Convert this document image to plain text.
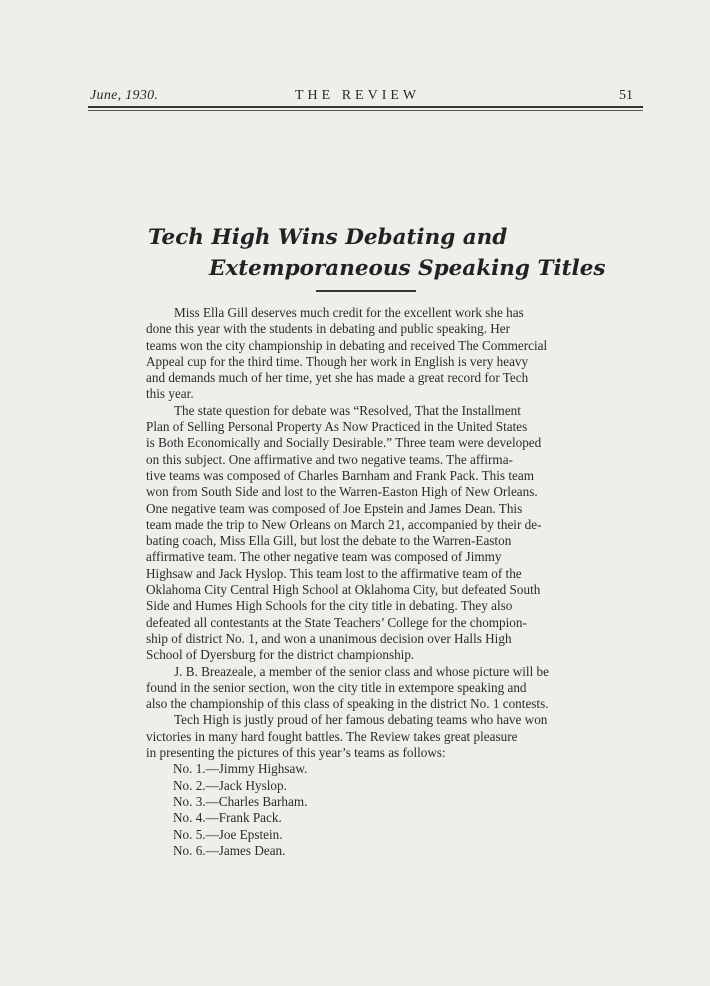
June, 1930.	THE REVIEW	51
Tech High Wins Debating and
Extemporaneous Speaking Titles

Miss Ella Gill deserves much credit for the excellent work she has
done this year with the students in debating and public speaking. Her
teams won the city championship in debating and received The Commercial
Appeal cup for the third time. Though her work in English is very heavy
and demands much of her time, yet she has made a great record for Tech
this year.

The state question for debate was “Resolved, That the Installment
Plan of Selling Personal Property As Now Practiced in the United States
is Both Economically and Socially Desirable.” Three team were developed
on this subject. One affirmative and two negative teams. The affirma-
tive teams was composed of Charles Barnham and Frank Pack. This team
won from South Side and lost to the Warren-Easton High of New Orleans.
One negative team was composed of Joe Epstein and James Dean. This
team made the trip to New Orleans on March 21, accompanied by their de-
bating coach, Miss Ella Gill, but lost the debate to the Warren-Easton
affirmative team. The other negative team was composed of Jimmy
Highsaw and Jack Hyslop. This team lost to the affirmative team of the
Oklahoma City Central High School at Oklahoma City, but defeated South
Side and Humes High Schools for the city title in debating. They also
defeated all contestants at the State Teachers’ College for the chompion-
ship of district No. 1, and won a unanimous decision over Halls High
School of Dyersburg for the district championship.

J. B. Breazeale, a member of the senior class and whose picture will be
found in the senior section, won the city title in extempore speaking and
also the championship of this class of speaking in the district No. 1 contests.

Tech High is justly proud of her famous debating teams who have won
victories in many hard fought battles. The Review takes great pleasure
in presenting the pictures of this year’s teams as follows:

No. 1.—Jimmy Highsaw.
No. 2.—Jack Hyslop.
No. 3.—Charles Barham.
No. 4.—Frank Pack.
No. 5.—Joe Epstein.
No. 6.—James Dean.
